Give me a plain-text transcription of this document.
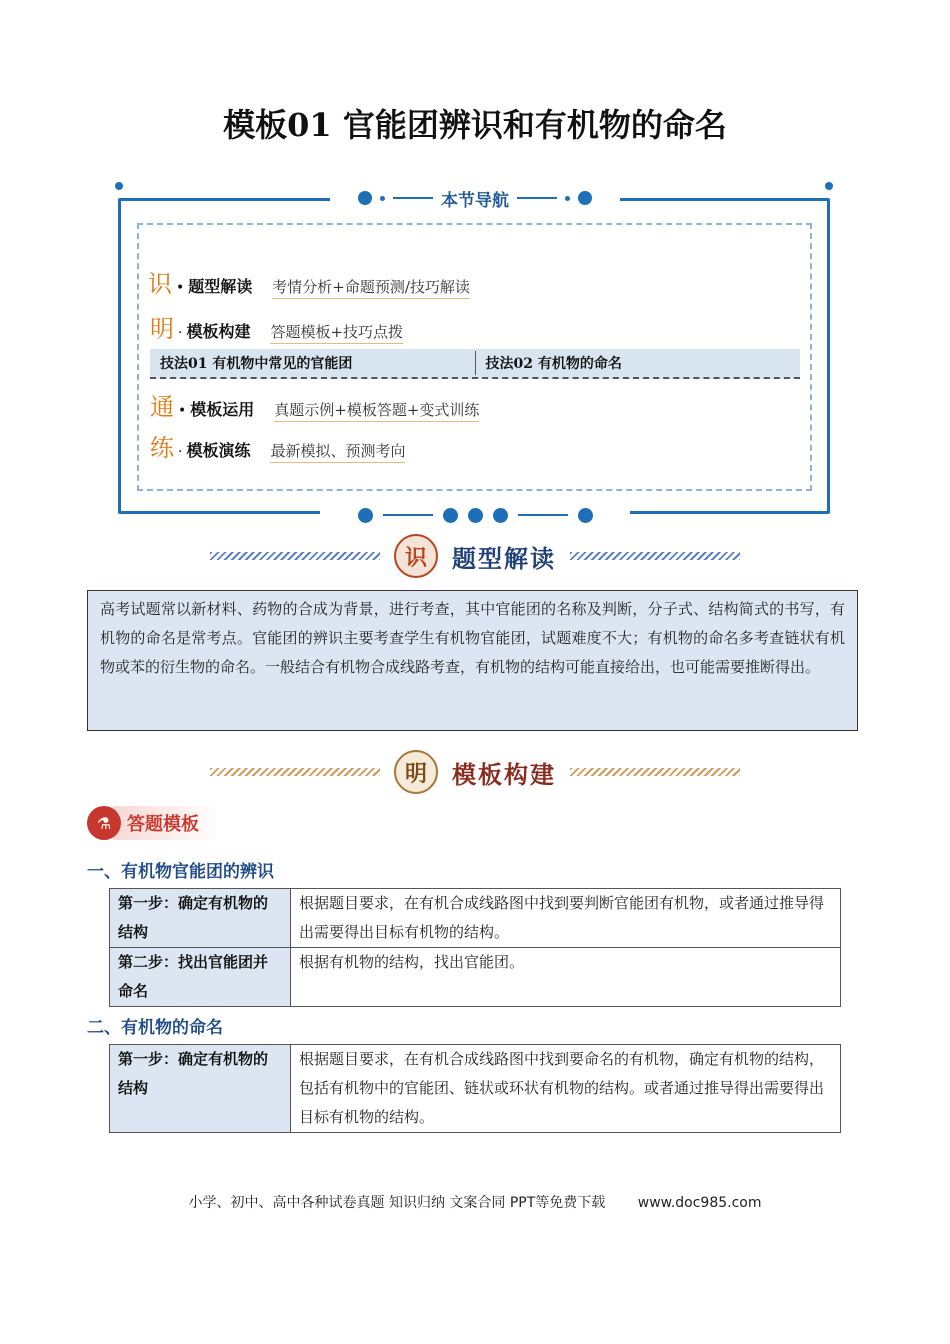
模板01 官能团辨识和有机物的命名
本节导航
识 • 题型解读 考情分析+命题预测/技巧解读
明 · 模板构建 答题模板+技巧点拨
技法01 有机物中常见的官能团	技法02 有机物的命名
通 • 模板运用 真题示例+模板答题+变式训练
练 · 模板演练 最新模拟、预测考向
识	题型解读
高考试题常以新材料、药物的合成为背景，进行考查，其中官能团的名称及判断，分子式、结构简式的书写，有机物的命名是常考点。官能团的辨识主要考查学生有机物官能团，试题难度不大；有机物的命名多考查链状有机物或苯的衍生物的命名。一般结合有机物合成线路考查，有机物的结构可能直接给出，也可能需要推断得出。
明	模板构建
⚗ 答题模板
一、有机物官能团的辨识
第一步：确定有机物的结构	根据题目要求，在有机合成线路图中找到要判断官能团有机物，或者通过推导得出需要得出目标有机物的结构。
第二步：找出官能团并命名	根据有机物的结构，找出官能团。
二、有机物的命名
第一步：确定有机物的结构	根据题目要求，在有机合成线路图中找到要命名的有机物，确定有机物的结构，包括有机物中的官能团、链状或环状有机物的结构。或者通过推导得出需要得出目标有机物的结构。
小学、初中、高中各种试卷真题 知识归纳 文案合同 PPT等免费下载 www.doc985.com
